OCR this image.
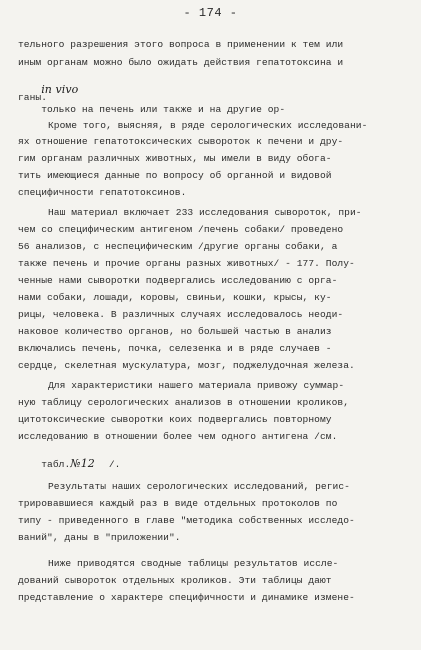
- 174 -
тельного разрешения этого вопроса в применении к тем или
иным органам можно было ожидать действия гепатотоксина и

in vivo

только на печень или также и на другие ор-

ганы.
Кроме того, выясняя, в ряде серологических исследовани-
ях отношение гепатотоксических сывороток к печени и дру-
гим органам различных животных, мы имели в виду обога-
тить имеющиеся данные по вопросу об органной и видовой
специфичности гепатотоксинов.
Наш материал включает 233 исследования сывороток, при-
чем со специфическим антигеном /печень собаки/ проведено
56 анализов, с неспецифическим /другие органы собаки, а
также печень и прочие органы разных животных/ - 177. Полу-
ченные нами сыворотки подвергались исследованию с орга-
нами собаки, лошади, коровы, свиньи, кошки, крысы, ку-
рицы, человека. В различных случаях исследовалось неоди-
наковое количество органов, но большей частью в анализ
включались печень, почка, селезенка и в ряде случаев -
сердце, скелетная мускулатура, мозг, поджелудочная железа.
Для характеристики нашего материала привожу суммар-
ную таблицу серологических анализов в отношении кроликов,
цитотоксические сыворотки коих подвергались повторному
исследованию в отношении более чем одного антигена /см.

табл.№12 /.

Результаты наших серологических исследований, регис-
трировавшиеся каждый раз в виде отдельных протоколов по
типу - приведенного в главе "методика собственных исследо-
ваний", даны в "приложении".
Ниже приводятся сводные таблицы результатов иссле-
дований сывороток отдельных кроликов. Эти таблицы дают
представление о характере специфичности и динамике измене-
